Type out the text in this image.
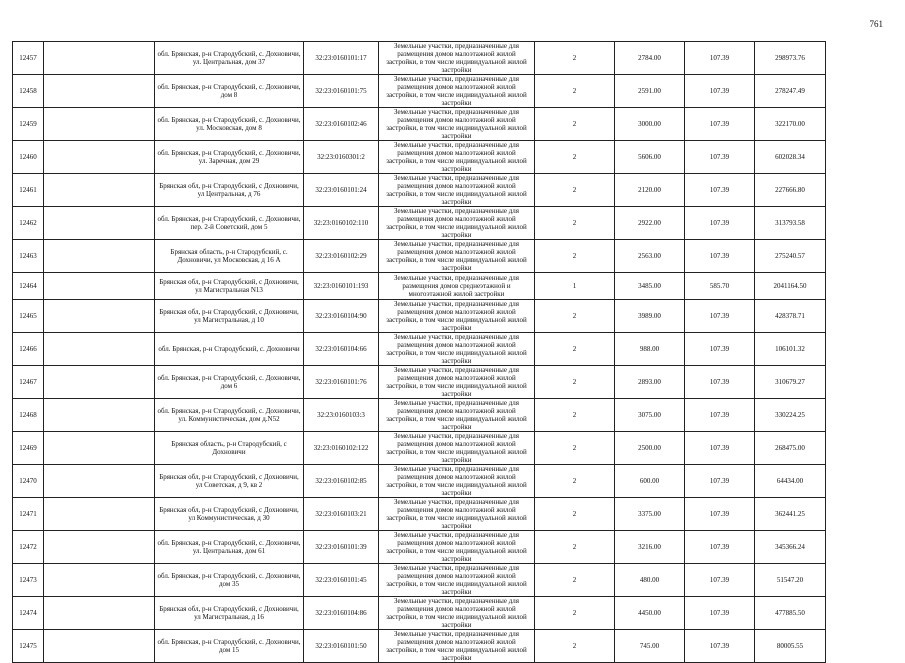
761
12457		обл. Брянская, р-н Стародубский, с. Дохновичи, ул. Центральная, дом 37	32:23:0160101:17	Земельные участки, предназначенные для размещения домов малоэтажной жилой застройки, в том числе индивидуальной жилой застройки	2	2784.00	107.39	298973.76
12458		обл. Брянская, р-н Стародубский, с. Дохновичи, дом 8	32:23:0160101:75	Земельные участки, предназначенные для размещения домов малоэтажной жилой застройки, в том числе индивидуальной жилой застройки	2	2591.00	107.39	278247.49
12459		обл. Брянская, р-н Стародубский, с. Дохновичи, ул. Московская, дом 8	32:23:0160102:46	Земельные участки, предназначенные для размещения домов малоэтажной жилой застройки, в том числе индивидуальной жилой застройки	2	3000.00	107.39	322170.00
12460		обл. Брянская, р-н Стародубский, с. Дохновичи, ул. Заречная, дом 29	32:23:0160301:2	Земельные участки, предназначенные для размещения домов малоэтажной жилой застройки, в том числе индивидуальной жилой застройки	2	5606.00	107.39	602028.34
12461		Брянская обл, р-н Стародубский, с Дохновичи, ул Центральная, д 76	32:23:0160101:24	Земельные участки, предназначенные для размещения домов малоэтажной жилой застройки, в том числе индивидуальной жилой застройки	2	2120.00	107.39	227666.80
12462		обл. Брянская, р-н Стародубский, с. Дохновичи, пер. 2-й Советский, дом 5	32:23:0160102:110	Земельные участки, предназначенные для размещения домов малоэтажной жилой застройки, в том числе индивидуальной жилой застройки	2	2922.00	107.39	313793.58
12463		Брянская область, р-н Стародубский, с. Дохновичи, ул Московская, д 16 А	32:23:0160102:29	Земельные участки, предназначенные для размещения домов малоэтажной жилой застройки, в том числе индивидуальной жилой застройки	2	2563.00	107.39	275240.57
12464		Брянская обл, р-н Стародубский, с Дохновичи, ул Магистральная N13	32:23:0160101:193	Земельные участки, предназначенные для размещения домов среднеэтажной и многоэтажной жилой застройки	1	3485.00	585.70	2041164.50
12465		Брянская обл, р-н Стародубский, с Дохновичи, ул Магистральная, д 10	32:23:0160104:90	Земельные участки, предназначенные для размещения домов малоэтажной жилой застройки, в том числе индивидуальной жилой застройки	2	3989.00	107.39	428378.71
12466		обл. Брянская, р-н Стародубский, с. Дохновичи	32:23:0160104:66	Земельные участки, предназначенные для размещения домов малоэтажной жилой застройки, в том числе индивидуальной жилой застройки	2	988.00	107.39	106101.32
12467		обл. Брянская, р-н Стародубский, с. Дохновичи, дом 6	32:23:0160101:76	Земельные участки, предназначенные для размещения домов малоэтажной жилой застройки, в том числе индивидуальной жилой застройки	2	2893.00	107.39	310679.27
12468		обл. Брянская, р-н Стародубский, с. Дохновичи, ул. Коммунистическая, дом д.N52	32:23:0160103:3	Земельные участки, предназначенные для размещения домов малоэтажной жилой застройки, в том числе индивидуальной жилой застройки	2	3075.00	107.39	330224.25
12469		Брянская область, р-н Стародубский, с Дохновичи	32:23:0160102:122	Земельные участки, предназначенные для размещения домов малоэтажной жилой застройки, в том числе индивидуальной жилой застройки	2	2500.00	107.39	268475.00
12470		Брянская обл, р-н Стародубский, с Дохновичи, ул Советская, д 9, кв 2	32:23:0160102:85	Земельные участки, предназначенные для размещения домов малоэтажной жилой застройки, в том числе индивидуальной жилой застройки	2	600.00	107.39	64434.00
12471		Брянская обл, р-н Стародубский, с Дохновичи, ул Коммунистическая, д 30	32:23:0160103:21	Земельные участки, предназначенные для размещения домов малоэтажной жилой застройки, в том числе индивидуальной жилой застройки	2	3375.00	107.39	362441.25
12472		обл. Брянская, р-н Стародубский, с. Дохновичи, ул. Центральная, дом 61	32:23:0160101:39	Земельные участки, предназначенные для размещения домов малоэтажной жилой застройки, в том числе индивидуальной жилой застройки	2	3216.00	107.39	345366.24
12473		обл. Брянская, р-н Стародубский, с. Дохновичи, дом 35	32:23:0160101:45	Земельные участки, предназначенные для размещения домов малоэтажной жилой застройки, в том числе индивидуальной жилой застройки	2	480.00	107.39	51547.20
12474		Брянская обл, р-н Стародубский, с Дохновичи, ул Магистральная, д 16	32:23:0160104:86	Земельные участки, предназначенные для размещения домов малоэтажной жилой застройки, в том числе индивидуальной жилой застройки	2	4450.00	107.39	477885.50
12475		обл. Брянская, р-н Стародубский, с. Дохновичи, дом 15	32:23:0160101:50	Земельные участки, предназначенные для размещения домов малоэтажной жилой застройки, в том числе индивидуальной жилой застройки	2	745.00	107.39	80005.55
